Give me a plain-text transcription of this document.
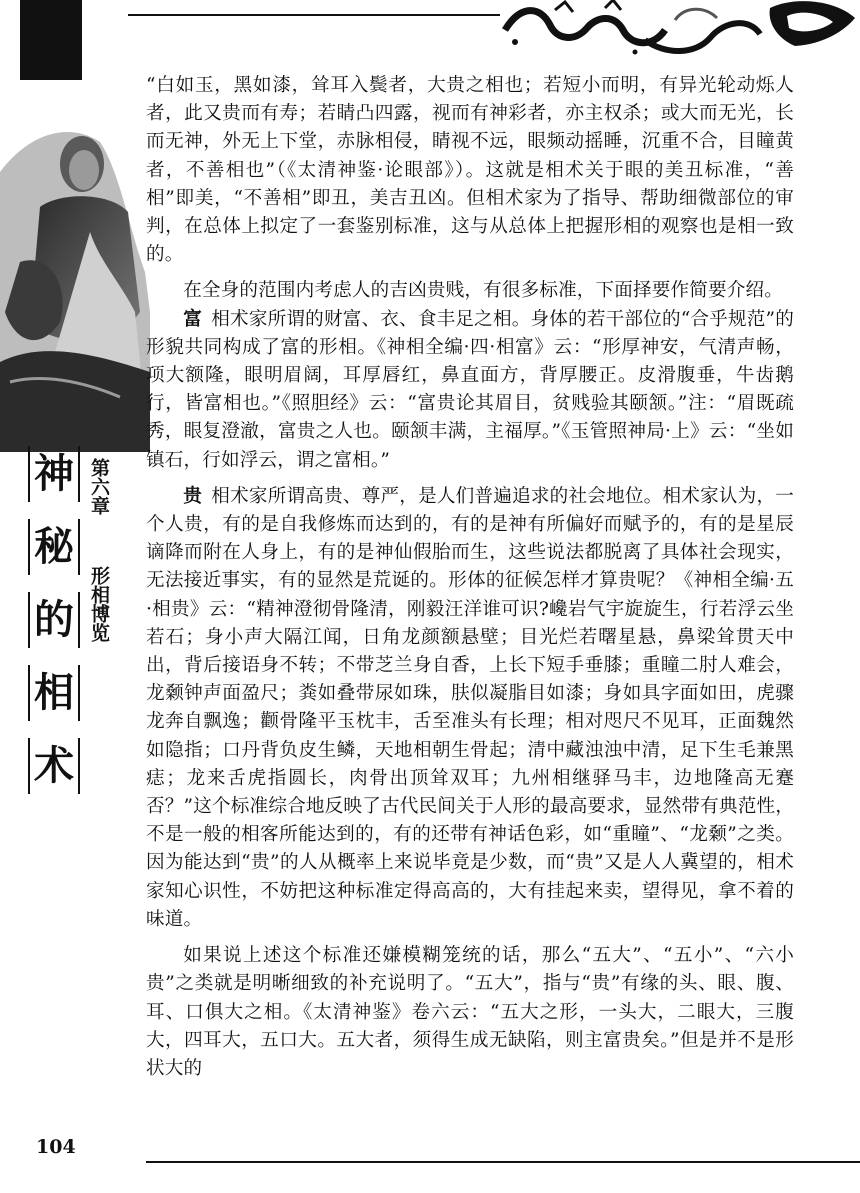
神
秘
的
相
术
第六章
形相博览

“白如玉，黑如漆，耸耳入鬓者，大贵之相也；若短小而明，有异光轮动烁人者，此又贵而有寿；若睛凸四露，视而有神彩者，亦主权杀；或大而无光，长而无神，外无上下堂，赤脉相侵，睛视不远，眼频动摇睡，沉重不合，目瞳黄者，不善相也”（《太清神鉴·论眼部》）。这就是相术关于眼的美丑标准，“善相”即美，“不善相”即丑，美吉丑凶。但相术家为了指导、帮助细微部位的审判，在总体上拟定了一套鉴别标准，这与从总体上把握形相的观察也是相一致的。

在全身的范围内考虑人的吉凶贵贱，有很多标准，下面择要作简要介绍。

富 相术家所谓的财富、衣、食丰足之相。身体的若干部位的“合乎规范”的形貌共同构成了富的形相。《神相全编·四·相富》云：“形厚神安，气清声畅，项大额隆，眼明眉阔，耳厚唇红，鼻直面方，背厚腰正。皮滑腹垂，牛齿鹅行，皆富相也。”《照胆经》云：“富贵论其眉目，贫贱验其颐颔。”注：“眉既疏秀，眼复澄澈，富贵之人也。颐颔丰满，主福厚。”《玉管照神局·上》云：“坐如镇石，行如浮云，谓之富相。”

贵 相术家所谓高贵、尊严，是人们普遍追求的社会地位。相术家认为，一个人贵，有的是自我修炼而达到的，有的是神有所偏好而赋予的，有的是星辰谪降而附在人身上，有的是神仙假胎而生，这些说法都脱离了具体社会现实，无法接近事实，有的显然是荒诞的。形体的征候怎样才算贵呢？《神相全编·五·相贵》云：“精神澄彻骨隆清，刚毅汪洋谁可识?巉岩气宇旋旋生，行若浮云坐若石；身小声大隔江闻，日角龙颜额悬壁；目光烂若曙星悬，鼻梁耸贯天中出，背后接语身不转；不带芝兰身自香，上长下短手垂膝；重瞳二肘人难会，龙颡钟声面盈尺；粪如叠带尿如珠，肤似凝脂目如漆；身如具字面如田，虎骤龙奔自飘逸；颧骨隆平玉枕丰，舌至准头有长理；相对咫尺不见耳，正面魏然如隐指；口丹背负皮生鳞，天地相朝生骨起；清中藏浊浊中清，足下生毛兼黑痣；龙来舌虎指圆长，肉骨出顶耸双耳；九州相继驿马丰，边地隆高无蹇否？”这个标准综合地反映了古代民间关于人形的最高要求，显然带有典范性，不是一般的相客所能达到的，有的还带有神话色彩，如“重瞳”、“龙颡”之类。因为能达到“贵”的人从概率上来说毕竟是少数，而“贵”又是人人冀望的，相术家知心识性，不妨把这种标准定得高高的，大有挂起来卖，望得见，拿不着的味道。

如果说上述这个标准还嫌模糊笼统的话，那么“五大”、“五小”、“六小贵”之类就是明晰细致的补充说明了。“五大”，指与“贵”有缘的头、眼、腹、耳、口俱大之相。《太清神鉴》卷六云：“五大之形，一头大，二眼大，三腹大，四耳大，五口大。五大者，须得生成无缺陷，则主富贵矣。”但是并不是形状大的

104
